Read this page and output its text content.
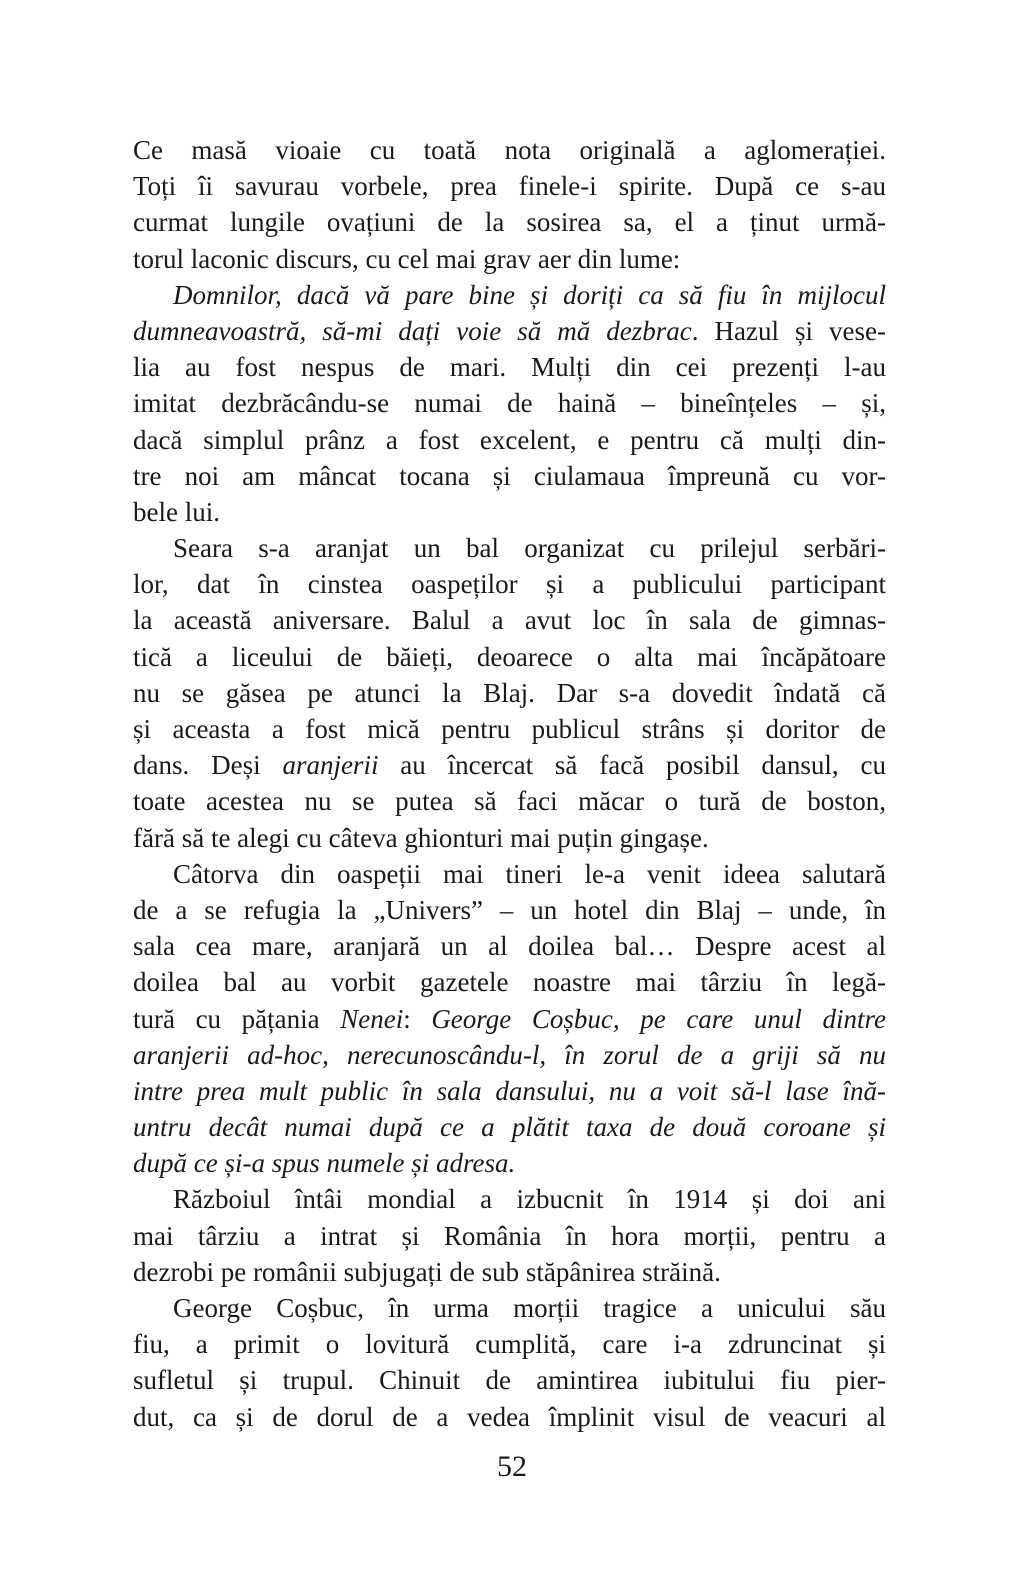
Ce masă vioaie cu toată nota originală a aglomerației.
Toți îi savurau vorbele, prea finele-i spirite. După ce s-au
curmat lungile ovațiuni de la sosirea sa, el a ținut urmă-
torul laconic discurs, cu cel mai grav aer din lume:
Domnilor, dacă vă pare bine și doriți ca să fiu în mijlocul
dumneavoastră, să-mi dați voie să mă dezbrac. Hazul și vese-
lia au fost nespus de mari. Mulți din cei prezenți l-au
imitat dezbrăcându-se numai de haină – bineînțeles – și,
dacă simplul prânz a fost excelent, e pentru că mulți din-
tre noi am mâncat tocana și ciulamaua împreună cu vor-
bele lui.
Seara s-a aranjat un bal organizat cu prilejul serbări-
lor, dat în cinstea oaspeților și a publicului participant
la această aniversare. Balul a avut loc în sala de gimnas-
tică a liceului de băieți, deoarece o alta mai încăpătoare
nu se găsea pe atunci la Blaj. Dar s-a dovedit îndată că
și aceasta a fost mică pentru publicul strâns și doritor de
dans. Deși aranjerii au încercat să facă posibil dansul, cu
toate acestea nu se putea să faci măcar o tură de boston,
fără să te alegi cu câteva ghionturi mai puțin gingașe.
Câtorva din oaspeții mai tineri le-a venit ideea salutară
de a se refugia la „Univers” – un hotel din Blaj – unde, în
sala cea mare, aranjară un al doilea bal… Despre acest al
doilea bal au vorbit gazetele noastre mai târziu în legă-
tură cu pățania Nenei: George Coșbuc, pe care unul dintre
aranjerii ad-hoc, nerecunoscându-l, în zorul de a griji să nu
intre prea mult public în sala dansului, nu a voit să-l lase înă-
untru decât numai după ce a plătit taxa de două coroane și
după ce și-a spus numele și adresa.
Războiul întâi mondial a izbucnit în 1914 și doi ani
mai târziu a intrat și România în hora morții, pentru a
dezrobi pe românii subjugați de sub stăpânirea străină.
George Coșbuc, în urma morții tragice a unicului său
fiu, a primit o lovitură cumplită, care i-a zdruncinat și
sufletul și trupul. Chinuit de amintirea iubitului fiu pier-
dut, ca și de dorul de a vedea împlinit visul de veacuri al
52
